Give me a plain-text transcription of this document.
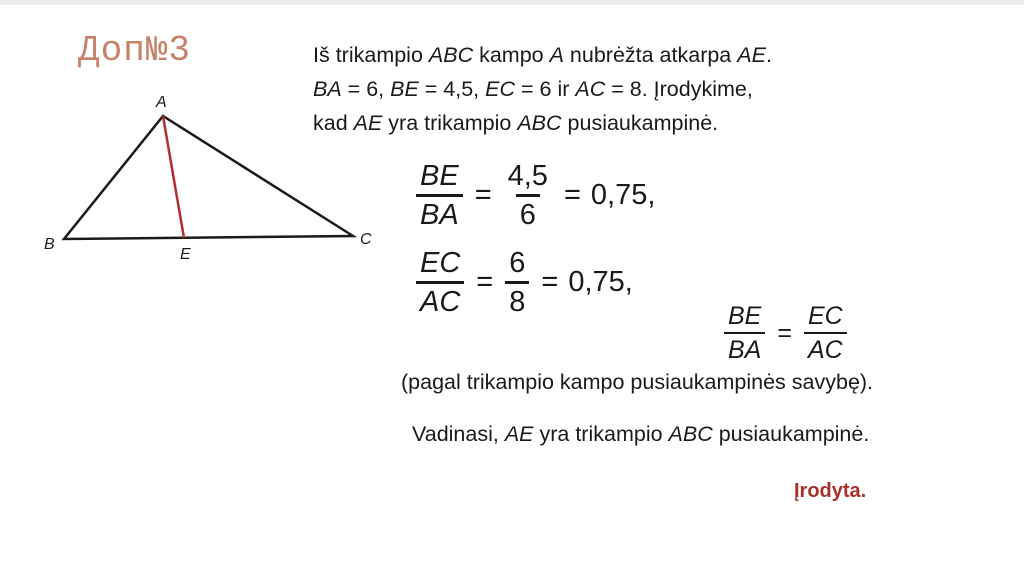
Доп№3	Iš trikampio ABC kampo A nubrėžta atkarpa AE.
BA = 6, BE = 4,5, EC = 6 ir AC = 8. Įrodykime,
kad AE yra trikampio ABC pusiaukampinė.
A
B	C
E
$\frac{BE}{BA} = \frac{4,5}{6} = 0,75$,
$\frac{EC}{AC} = \frac{6}{8} = 0,75$,
$\frac{BE}{BA} = \frac{EC}{AC}$
(pagal trikampio kampo pusiaukampinės savybę).
Vadinasi, AE yra trikampio ABC pusiaukampinė.
Įrodyta.
